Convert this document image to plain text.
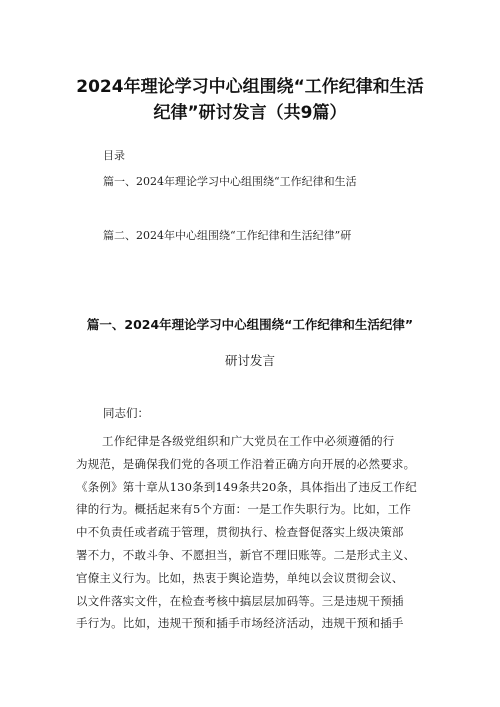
2024年理论学习中心组围绕“工作纪律和生活
纪律”研讨发言（共9篇）

目录

篇一、2024年理论学习中心组围绕“工作纪律和生活

篇二、2024年中心组围绕“工作纪律和生活纪律”研

篇一、2024年理论学习中心组围绕“工作纪律和生活纪律”

研讨发言

同志们：

工作纪律是各级党组织和广大党员在工作中必须遵循的行
为规范，是确保我们党的各项工作沿着正确方向开展的必然要求。
《条例》第十章从130条到149条共20条，具体指出了违反工作纪
律的行为。概括起来有5个方面：一是工作失职行为。比如，工作
中不负责任或者疏于管理，贯彻执行、检查督促落实上级决策部
署不力，不敢斗争、不愿担当，新官不理旧账等。二是形式主义、
官僚主义行为。比如，热衷于舆论造势，单纯以会议贯彻会议、
以文件落实文件，在检查考核中搞层层加码等。三是违规干预插
手行为。比如，违规干预和插手市场经济活动，违规干预和插手
